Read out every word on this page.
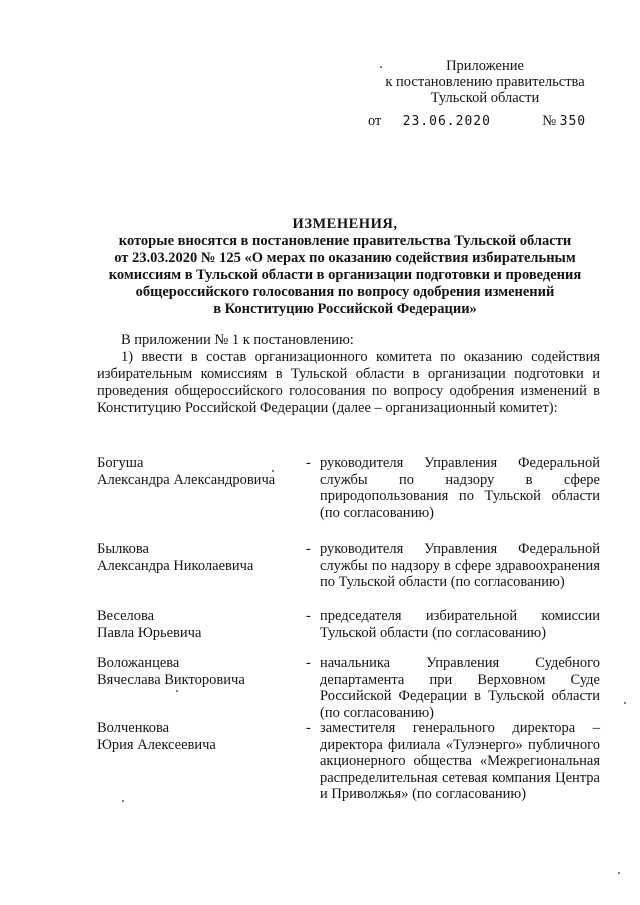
Приложение
к постановлению правительства
Тульской области
от 23.06.2020	№ 350
ИЗМЕНЕНИЯ,
которые вносятся в постановление правительства Тульской области
от 23.03.2020 № 125 «О мерах по оказанию содействия избирательным
комиссиям в Тульской области в организации подготовки и проведения
общероссийского голосования по вопросу одобрения изменений
в Конституцию Российской Федерации»

В приложении № 1 к постановлению:

1) ввести в состав организационного комитета по оказанию содействия избирательным комиссиям в Тульской области в организации подготовки и проведения общероссийского голосования по вопросу одобрения изменений в Конституцию Российской Федерации (далее – организационный комитет):

Богуша
Александра Александровича
- руководителя Управления Федеральной службы по надзору в сфере природопользования по Тульской области (по согласованию)
Былкова
Александра Николаевича
- руководителя Управления Федеральной службы по надзору в сфере здравоохранения по Тульской области (по согласованию)
Веселова
Павла Юрьевича
- председателя избирательной комиссии Тульской области (по согласованию)
Воложанцева
Вячеслава Викторовича
- начальника Управления Судебного департамента при Верховном Суде Российской Федерации в Тульской области (по согласованию)
Волченкова
Юрия Алексеевича
- заместителя генерального директора – директора филиала «Тулэнерго» публичного акционерного общества «Межрегиональная распределительная сетевая компания Центра и Приволжья» (по согласованию)
